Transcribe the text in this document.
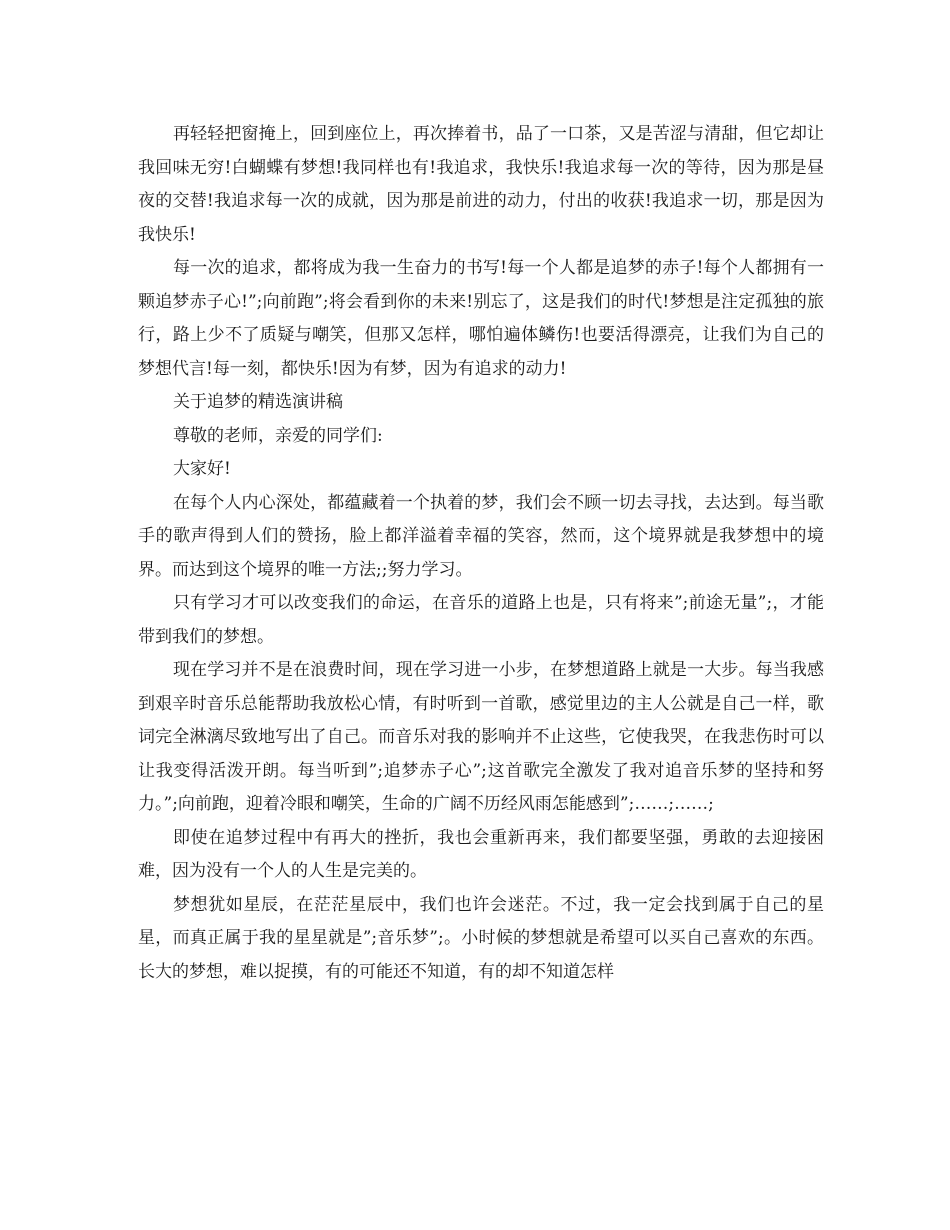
再轻轻把窗掩上，回到座位上，再次捧着书，品了一口茶，又是苦涩与清甜，但它却让我回味无穷!白蝴蝶有梦想!我同样也有!我追求，我快乐!我追求每一次的等待，因为那是昼夜的交替!我追求每一次的成就，因为那是前进的动力，付出的收获!我追求一切，那是因为我快乐!

每一次的追求，都将成为我一生奋力的书写!每一个人都是追梦的赤子!每个人都拥有一颗追梦赤子心!”;向前跑”;将会看到你的未来!别忘了，这是我们的时代!梦想是注定孤独的旅行，路上少不了质疑与嘲笑，但那又怎样，哪怕遍体鳞伤!也要活得漂亮，让我们为自己的梦想代言!每一刻，都快乐!因为有梦，因为有追求的动力!

关于追梦的精选演讲稿

尊敬的老师，亲爱的同学们:

大家好!

在每个人内心深处，都蕴藏着一个执着的梦，我们会不顾一切去寻找，去达到。每当歌手的歌声得到人们的赞扬，脸上都洋溢着幸福的笑容，然而，这个境界就是我梦想中的境界。而达到这个境界的唯一方法;;努力学习。

只有学习才可以改变我们的命运，在音乐的道路上也是，只有将来”;前途无量”;，才能带到我们的梦想。

现在学习并不是在浪费时间，现在学习进一小步，在梦想道路上就是一大步。每当我感到艰辛时音乐总能帮助我放松心情，有时听到一首歌，感觉里边的主人公就是自己一样，歌词完全淋漓尽致地写出了自己。而音乐对我的影响并不止这些，它使我哭，在我悲伤时可以让我变得活泼开朗。每当听到”;追梦赤子心”;这首歌完全激发了我对追音乐梦的坚持和努力。”;向前跑，迎着冷眼和嘲笑，生命的广阔不历经风雨怎能感到”;……;……;

即使在追梦过程中有再大的挫折，我也会重新再来，我们都要坚强，勇敢的去迎接困难，因为没有一个人的人生是完美的。

梦想犹如星辰，在茫茫星辰中，我们也许会迷茫。不过，我一定会找到属于自己的星星，而真正属于我的星星就是”;音乐梦”;。小时候的梦想就是希望可以买自己喜欢的东西。长大的梦想，难以捉摸，有的可能还不知道，有的却不知道怎样
